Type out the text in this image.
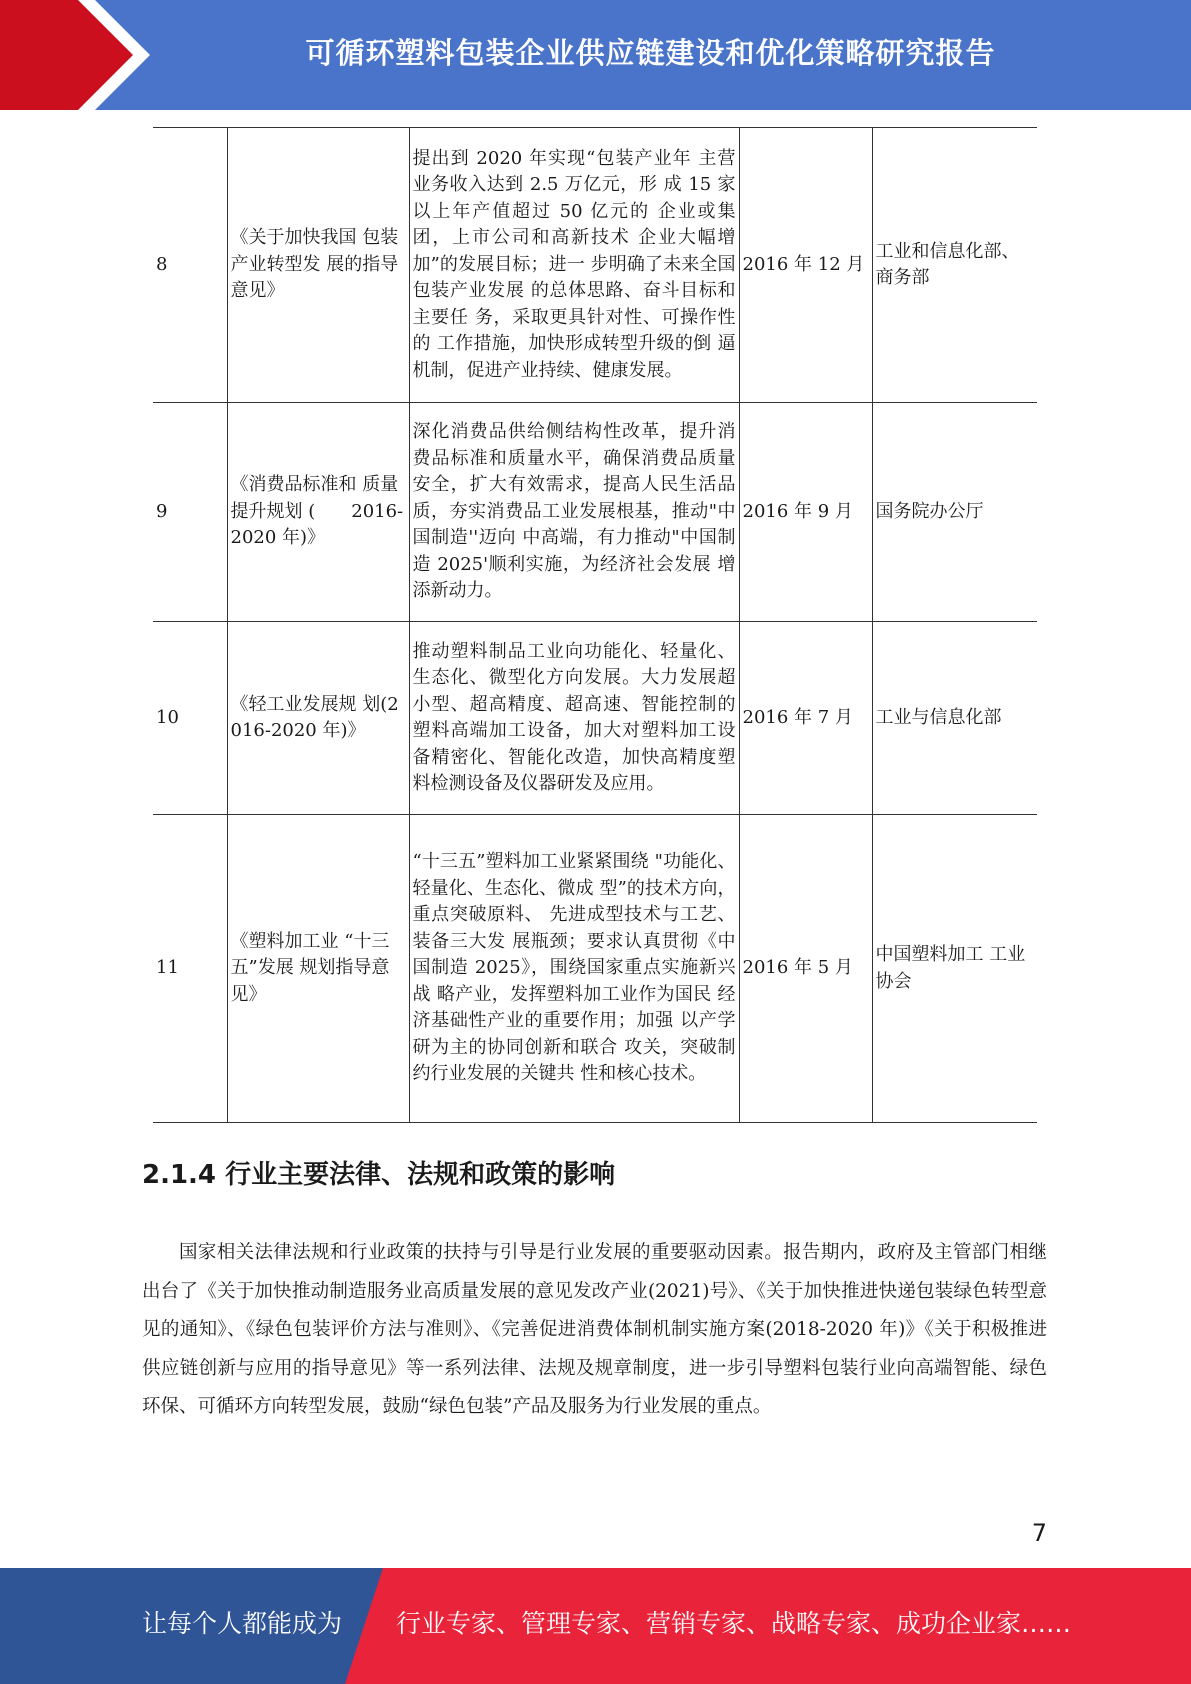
可循环塑料包装企业供应链建设和优化策略研究报告
8	《关于加快我国 包装产业转型发 展的指导意见》	提出到 2020 年实现“包装产业年 主营业务收入达到 2.5 万亿元，形 成 15 家以上年产值超过 50 亿元的 企业或集团，上市公司和高新技术 企业大幅增加”的发展目标；进一 步明确了未来全国包装产业发展 的总体思路、奋斗目标和主要任 务，采取更具针对性、可操作性的 工作措施，加快形成转型升级的倒 逼机制，促进产业持续、健康发展。	2016 年 12 月	工业和信息化部、商务部
9	《消费品标准和 质量提升规划 (　　2016-2020 年)》	深化消费品供给侧结构性改革，提升消费品标准和质量水平，确保消费品质量安全，扩大有效需求，提高人民生活品质，夯实消费品工业发展根基，推动"中国制造''迈向 中高端，有力推动"中国制造 2025'顺利实施，为经济社会发展 增添新动力。	2016 年 9 月	国务院办公厅
10	《轻工业发展规 划(2016-2020 年)》	推动塑料制品工业向功能化、轻量化、生态化、微型化方向发展。大力发展超小型、超高精度、超高速、智能控制的塑料高端加工设备，加大对塑料加工设备精密化、智能化改造，加快高精度塑料检测设备及仪器研发及应用。	2016 年 7 月	工业与信息化部
11	《塑料加工业 “十三五”发展 规划指导意见》	“十三五”塑料加工业紧紧围绕 "功能化、轻量化、生态化、微成 型”的技术方向，重点突破原料、 先进成型技术与工艺、装备三大发 展瓶颈；要求认真贯彻《中国制造 2025》，围绕国家重点实施新兴战 略产业，发挥塑料加工业作为国民 经济基础性产业的重要作用；加强 以产学研为主的协同创新和联合 攻关，突破制约行业发展的关键共 性和核心技术。	2016 年 5 月	中国塑料加工 工业协会
2.1.4 行业主要法律、法规和政策的影响

国家相关法律法规和行业政策的扶持与引导是行业发展的重要驱动因素。报告期内，政府及主管部门相继出台了《关于加快推动制造服务业高质量发展的意见发改产业(2021)号》、《关于加快推进快递包装绿色转型意见的通知》、《绿色包装评价方法与准则》、《完善促进消费体制机制实施方案(2018-2020 年)》《关于积极推进供应链创新与应用的指导意见》等一系列法律、法规及规章制度，进一步引导塑料包装行业向高端智能、绿色环保、可循环方向转型发展，鼓励“绿色包装”产品及服务为行业发展的重点。

7
让每个人都能成为 行业专家、管理专家、营销专家、战略专家、成功企业家……
